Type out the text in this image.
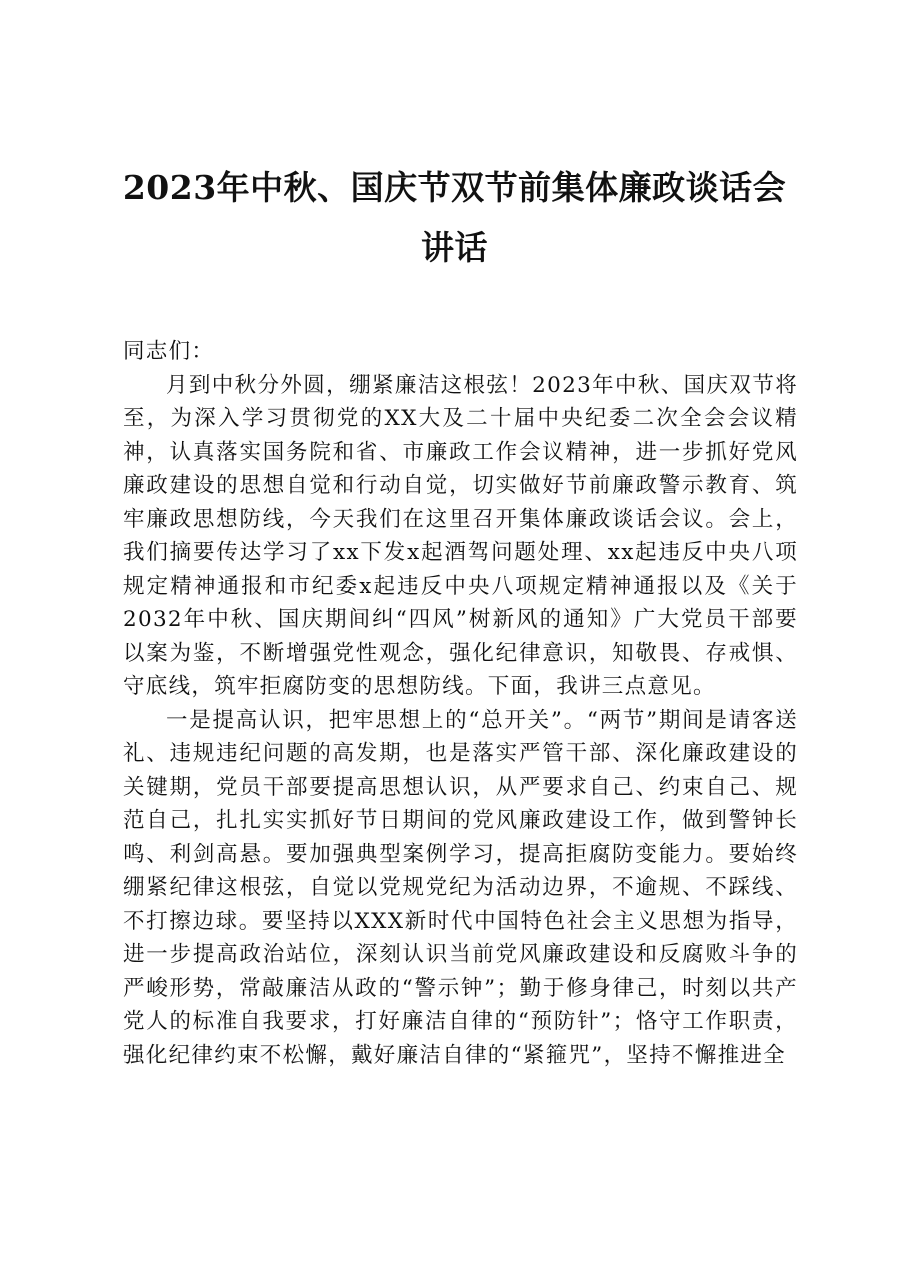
2023年中秋、国庆节双节前集体廉政谈话会
讲话

同志们：

月到中秋分外圆，绷紧廉洁这根弦！2023年中秋、国庆双节将至，为深入学习贯彻党的XX大及二十届中央纪委二次全会会议精神，认真落实国务院和省、市廉政工作会议精神，进一步抓好党风廉政建设的思想自觉和行动自觉，切实做好节前廉政警示教育、筑牢廉政思想防线，今天我们在这里召开集体廉政谈话会议。会上，我们摘要传达学习了xx下发x起酒驾问题处理、xx起违反中央八项规定精神通报和市纪委x起违反中央八项规定精神通报以及《关于2032年中秋、国庆期间纠“四风”树新风的通知》广大党员干部要以案为鉴，不断增强党性观念，强化纪律意识，知敬畏、存戒惧、守底线，筑牢拒腐防变的思想防线。下面，我讲三点意见。

一是提高认识，把牢思想上的“总开关”。“两节”期间是请客送礼、违规违纪问题的高发期，也是落实严管干部、深化廉政建设的关键期，党员干部要提高思想认识，从严要求自己、约束自己、规范自己，扎扎实实抓好节日期间的党风廉政建设工作，做到警钟长鸣、利剑高悬。要加强典型案例学习，提高拒腐防变能力。要始终绷紧纪律这根弦，自觉以党规党纪为活动边界，不逾规、不踩线、不打擦边球。要坚持以XXX新时代中国特色社会主义思想为指导，进一步提高政治站位，深刻认识当前党风廉政建设和反腐败斗争的严峻形势，常敲廉洁从政的“警示钟”；勤于修身律己，时刻以共产党人的标准自我要求，打好廉洁自律的“预防针”；恪守工作职责，强化纪律约束不松懈，戴好廉洁自律的“紧箍咒”，坚持不懈推进全
